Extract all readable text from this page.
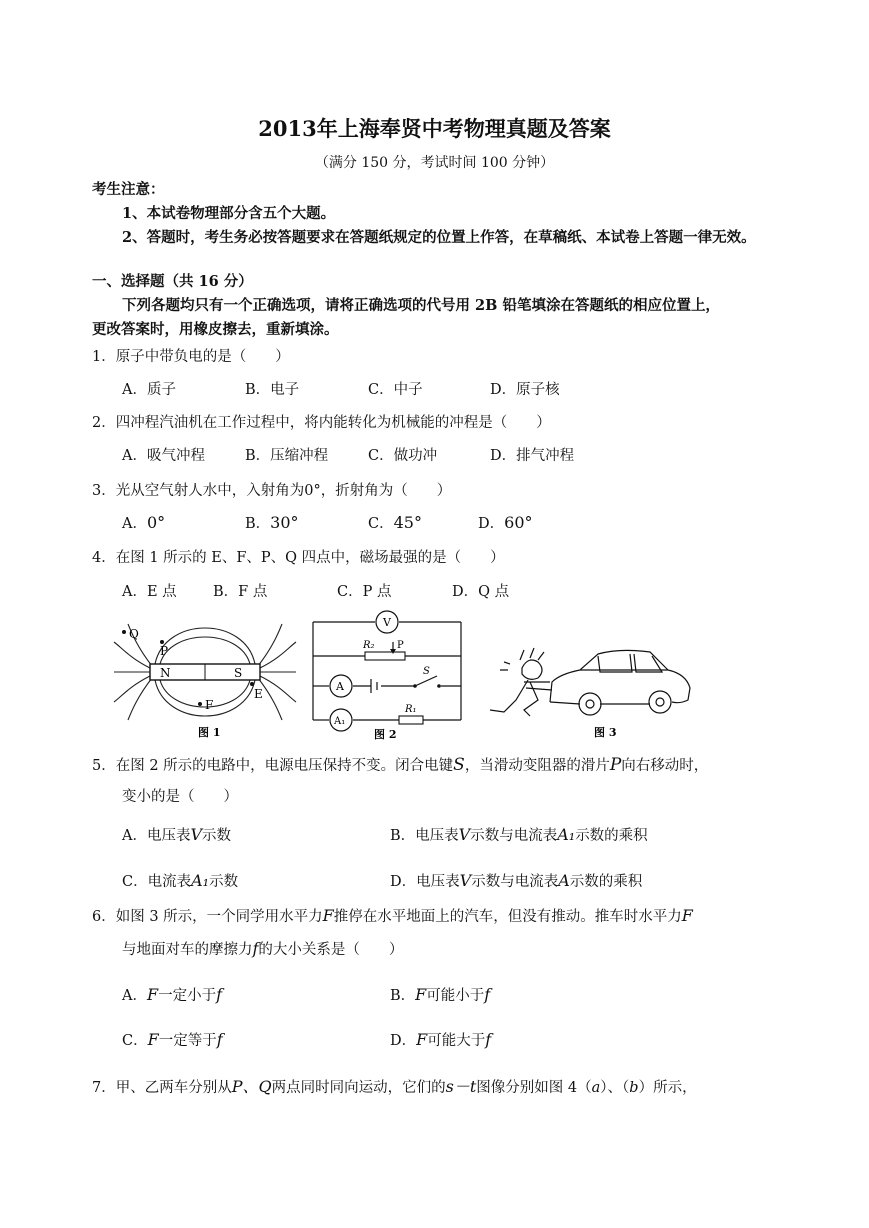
2013年上海奉贤中考物理真题及答案
（满分 150 分，考试时间 100 分钟）
考生注意：
1、本试卷物理部分含五个大题。
2、答题时，考生务必按答题要求在答题纸规定的位置上作答，在草稿纸、本试卷上答题一律无效。
一、选择题（共 16 分）
下列各题均只有一个正确选项，请将正确选项的代号用 2B 铅笔填涂在答题纸的相应位置上，
更改答案时，用橡皮擦去，重新填涂。
1．原子中带负电的是（　　）
A．质子	B．电子	C．中子	D．原子核
2．四冲程汽油机在工作过程中，将内能转化为机械能的冲程是（　　）
A．吸气冲程	B．压缩冲程	C．做功冲	D．排气冲程
3．光从空气射人水中，入射角为0°，折射角为（　　）
A．0°	B．30°	C．45°	D．60°
4．在图 1 所示的 E、F、P、Q 四点中，磁场最强的是（　　）
A．E 点	B．F 点	C．P 点	D．Q 点
N	S
Q
P
F
E
图 1
V
R₂ P
A
S
A₁
R₁
图 2	图 3
5．在图 2 所示的电路中，电源电压保持不变。闭合电键S，当滑动变阻器的滑片P向右移动时，
变小的是（　　）
A．电压表V示数	B．电压表V示数与电流表A₁示数的乘积
C．电流表A₁示数	D．电压表V示数与电流表A示数的乘积
6．如图 3 所示，一个同学用水平力F推停在水平地面上的汽车，但没有推动。推车时水平力F
与地面对车的摩擦力f的大小关系是（　　）
A．F一定小于f	B．F可能小于f
C．F一定等于f	D．F可能大于f
7．甲、乙两车分别从P、Q两点同时同向运动，它们的s－t图像分别如图 4（a）、（b）所示，
